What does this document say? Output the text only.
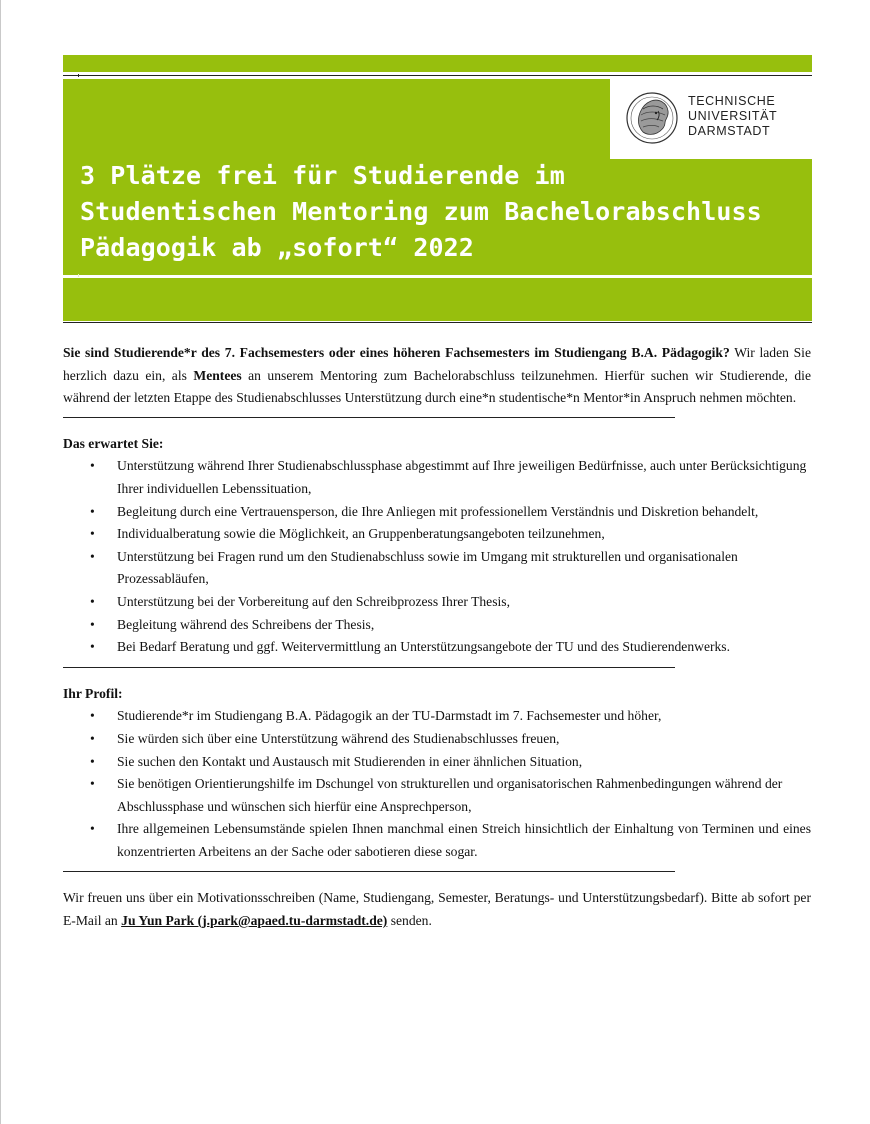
TECHNISCHE
UNIVERSITÄT
DARMSTADT
3 Plätze frei für Studierende im
Studentischen Mentoring zum Bachelorabschluss
Pädagogik ab „sofort“ 2022

Sie sind Studierende*r des 7. Fachsemesters oder eines höheren Fachsemesters im Studiengang B.A. Pädagogik? Wir laden Sie herzlich dazu ein, als Mentees an unserem Mentoring zum Bachelorabschluss teilzunehmen. Hierfür suchen wir Studierende, die während der letzten Etappe des Studienabschlusses Unterstützung durch eine*n studentische*n Mentor*in Anspruch nehmen möchten.

Das erwartet Sie:

• Unterstützung während Ihrer Studienabschlussphase abgestimmt auf Ihre jeweiligen Bedürfnisse, auch unter Berücksichtigung Ihrer individuellen Lebenssituation,
• Begleitung durch eine Vertrauensperson, die Ihre Anliegen mit professionellem Verständnis und Diskretion behandelt,
• Individualberatung sowie die Möglichkeit, an Gruppenberatungsangeboten teilzunehmen,
• Unterstützung bei Fragen rund um den Studienabschluss sowie im Umgang mit strukturellen und organisationalen Prozessabläufen,
• Unterstützung bei der Vorbereitung auf den Schreibprozess Ihrer Thesis,
• Begleitung während des Schreibens der Thesis,
• Bei Bedarf Beratung und ggf. Weitervermittlung an Unterstützungsangebote der TU und des Studierendenwerks.

Ihr Profil:

• Studierende*r im Studiengang B.A. Pädagogik an der TU-Darmstadt im 7. Fachsemester und höher,
• Sie würden sich über eine Unterstützung während des Studienabschlusses freuen,
• Sie suchen den Kontakt und Austausch mit Studierenden in einer ähnlichen Situation,
• Sie benötigen Orientierungshilfe im Dschungel von strukturellen und organisatorischen Rahmenbedingungen während der Abschlussphase und wünschen sich hierfür eine Ansprechperson,
• Ihre allgemeinen Lebensumstände spielen Ihnen manchmal einen Streich hinsichtlich der Einhaltung von Terminen und eines konzentrierten Arbeitens an der Sache oder sabotieren diese sogar.

Wir freuen uns über ein Motivationsschreiben (Name, Studiengang, Semester, Beratungs- und Unterstützungsbedarf). Bitte ab sofort per E-Mail an Ju Yun Park (j.park@apaed.tu-darmstadt.de) senden.
